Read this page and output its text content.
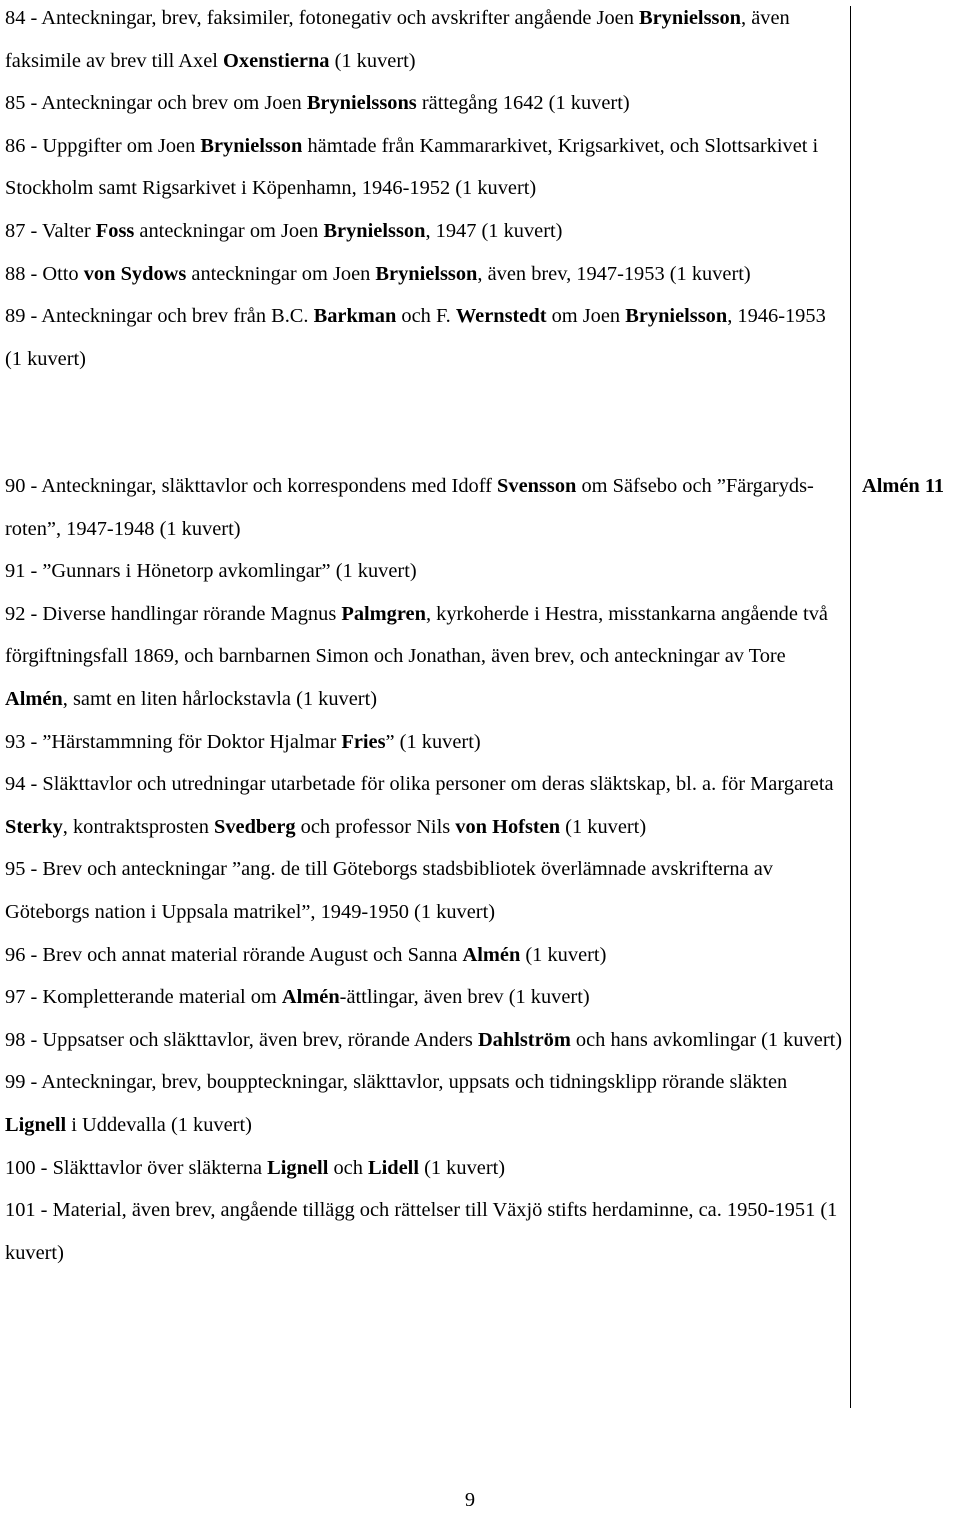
84 - Anteckningar, brev, faksimiler, fotonegativ och avskrifter angående Joen Brynielsson, även faksimile av brev till Axel Oxenstierna (1 kuvert)

85 - Anteckningar och brev om Joen Brynielssons rättegång 1642 (1 kuvert)

86 - Uppgifter om Joen Brynielsson hämtade från Kammararkivet, Krigsarkivet, och Slottsarkivet i Stockholm samt Rigsarkivet i Köpenhamn, 1946-1952 (1 kuvert)

87 - Valter Foss anteckningar om Joen Brynielsson, 1947 (1 kuvert)

88 - Otto von Sydows anteckningar om Joen Brynielsson, även brev, 1947-1953 (1 kuvert)

89 - Anteckningar och brev från B.C. Barkman och F. Wernstedt om Joen Brynielsson, 1946-1953 (1 kuvert)

90 - Anteckningar, släkttavlor och korrespondens med Idoff Svensson om Säfsebo och ”Färgaryds-roten”, 1947-1948 (1 kuvert)

91 - ”Gunnars i Hönetorp avkomlingar” (1 kuvert)

92 - Diverse handlingar rörande Magnus Palmgren, kyrkoherde i Hestra, misstankarna angående två förgiftningsfall 1869, och barnbarnen Simon och Jonathan, även brev, och anteckningar av Tore Almén, samt en liten hårlockstavla (1 kuvert)

93 - ”Härstammning för Doktor Hjalmar Fries” (1 kuvert)

94 - Släkttavlor och utredningar utarbetade för olika personer om deras släktskap, bl. a. för Margareta Sterky, kontraktsprosten Svedberg och professor Nils von Hofsten (1 kuvert)

95 - Brev och anteckningar ”ang. de till Göteborgs stadsbibliotek överlämnade avskrifterna av Göteborgs nation i Uppsala matrikel”, 1949-1950 (1 kuvert)

96 - Brev och annat material rörande August och Sanna Almén (1 kuvert)

97 - Kompletterande material om Almén-ättlingar, även brev (1 kuvert)

98 - Uppsatser och släkttavlor, även brev, rörande Anders Dahlström och hans avkomlingar (1 kuvert)

99 - Anteckningar, brev, bouppteckningar, släkttavlor, uppsats och tidningsklipp rörande släkten Lignell i Uddevalla (1 kuvert)

100 - Släkttavlor över släkterna Lignell och Lidell (1 kuvert)

101 - Material, även brev, angående tillägg och rättelser till Växjö stifts herdaminne, ca. 1950-1951 (1 kuvert)

Almén 11
9
